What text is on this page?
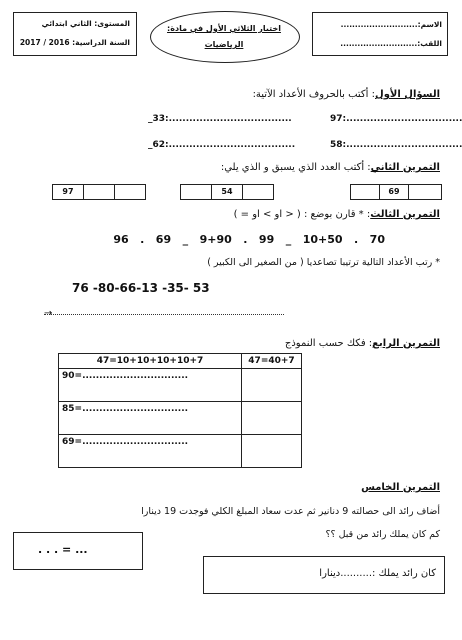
المستوى: الثاني ابتدائي
السنة الدراسية: 2016 / 2017
اختبار الثلاثي الأول في مادة:
الرياضيات
الاسم:...........................
اللقب:...........................
السؤال الأول: أكتب بالحروف الأعداد الآتية:
97:..................................
_33:....................................
58:..................................
_62:.....................................
التمرين الثاني: أكتب العدد الذي يسبق و الذي يلي:
69
54
97
التمرين الثالث: * قارن بوضع : ( < او > او = )
96   .   69   _   9+90   .   99   _   10+50   .   70
* رتب الأعداد التالية ترتيبا تصاعديا ( من الصغير الى الكبير )
76 -80-66-13 -35- 53
→
التمرين الرابع: فكك حسب النموذج
47=10+10+10+10+7	47=40+7
90=...............................	
85=...............................	
69=...............................	
التمرين الخامس
أضاف رائد الى حصالته 9 دنانير ثم عدت سعاد المبلغ الكلي فوجدت 19 دينارا
كم كان يملك رائد من قبل ؟؟
. . . = ...
كان رائد يملك :..........دينارا
